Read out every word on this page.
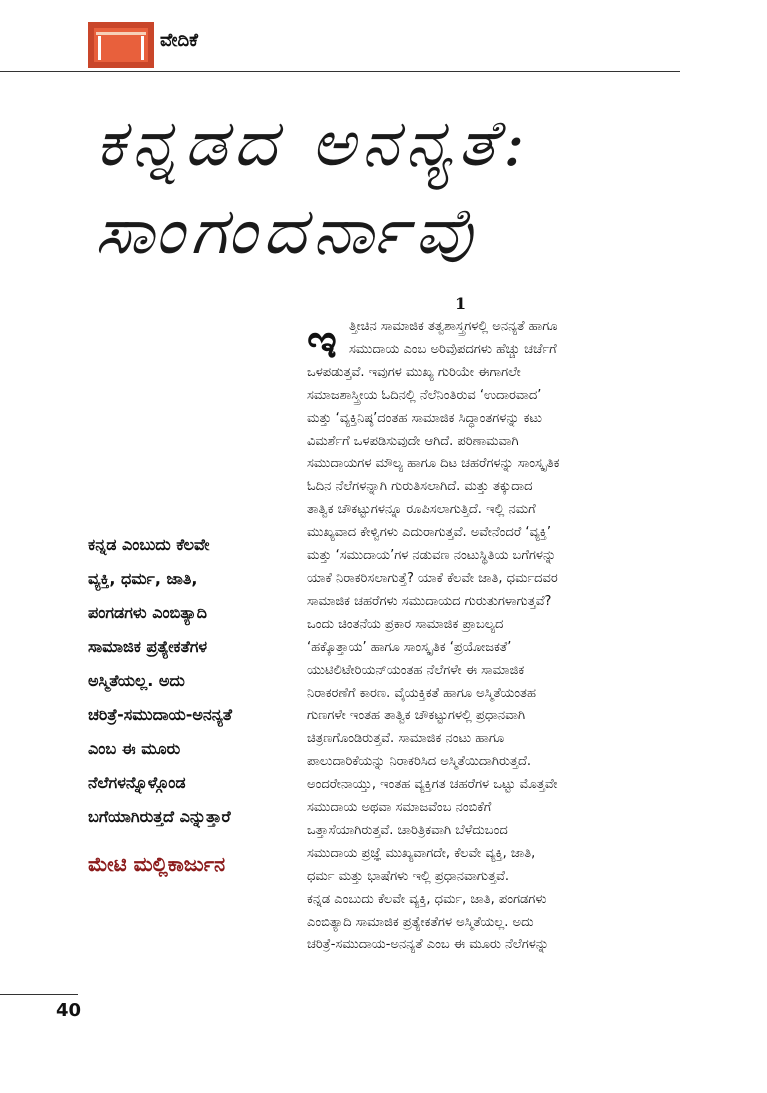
ವೇದಿಕೆ
ಕನ್ನಡದ ಅನನ್ಯತೆ:
ಸಾಂಗಂದರ್ನಾವೆು
1
ಕನ್ನಡ ಎಂಬುದು ಕೆಲವೇ
ವ್ಯಕ್ತಿ, ಧರ್ಮ, ಜಾತಿ,
ಪಂಗಡಗಳು ಎಂಬಿತ್ಯಾದಿ
ಸಾಮಾಜಿಕ ಪ್ರತ್ಯೇಕತೆಗಳ
ಅಸ್ಮಿತೆಯಲ್ಲ. ಅದು
ಚರಿತ್ರೆ-ಸಮುದಾಯ-ಅನನ್ಯತೆ
ಎಂಬ ಈ ಮೂರು
ನೆಲೆಗಳನ್ನೊಳ್ಗೊಂಡ
ಬಗೆಯಾಗಿರುತ್ತದೆ ಎನ್ನುತ್ತಾರೆ
ಮೇಟಿ ಮಲ್ಲಿಕಾರ್ಜುನ
ಇ ತ್ತೀಚಿನ ಸಾಮಾಜಿಕ ತತ್ವಶಾಸ್ತ್ರಗಳಲ್ಲಿ ಅನನ್ಯತೆ ಹಾಗೂ
ಸಮುದಾಯ ಎಂಬ ಅರಿವೆುಪದಗಳು ಹೆಚ್ಚು ಚರ್ಚೆಗೆ
ಒಳಪಡುತ್ತವೆ. ಇವುಗಳ ಮುಖ್ಯ ಗುರಿಯೇ ಈಗಾಗಲೇ
ಸಮಾಜಶಾಸ್ತ್ರೀಯ ಓದಿನಲ್ಲಿ ನೆಲೆನಿಂತಿರುವ ‘ಉದಾರವಾದ’
ಮತ್ತು ‘ವ್ಯಕ್ತಿನಿಷ್ಠ’ದಂತಹ ಸಾಮಾಜಿಕ ಸಿದ್ಧಾಂತಗಳನ್ನು ಕಟು
ವಿಮರ್ಶೆಗೆ ಒಳಪಡಿಸುವುದೇ ಆಗಿದೆ. ಪರಿಣಾಮವಾಗಿ
ಸಮುದಾಯಗಳ ಮೌಲ್ಯ ಹಾಗೂ ದಿಟ ಚಹರೆಗಳನ್ನು ಸಾಂಸ್ಕೃತಿಕ
ಓದಿನ ನೆಲೆಗಳನ್ನಾಗಿ ಗುರುತಿಸಲಾಗಿದೆ. ಮತ್ತು ತಕ್ಕುದಾದ
ತಾತ್ವಿಕ ಚೌಕಟ್ಟುಗಳನ್ನೂ ರೂಪಿಸಲಾಗುತ್ತಿದೆ. ಇಲ್ಲಿ ನಮಗೆ
ಮುಖ್ಯವಾದ ಕೇಳ್ವಿಗಳು ಎದುರಾಗುತ್ತವೆ. ಅವೇನೆಂದರೆ ‘ವ್ಯಕ್ತಿ’
ಮತ್ತು ‘ಸಮುದಾಯ’ಗಳ ನಡುವಣ ನಂಟುಸ್ಥಿತಿಯ ಬಗೆಗಳನ್ನು
ಯಾಕೆ ನಿರಾಕರಿಸಲಾಗುತ್ತೆ? ಯಾಕೆ ಕೆಲವೇ ಜಾತಿ, ಧರ್ಮದವರ
ಸಾಮಾಜಿಕ ಚಹರೆಗಳು ಸಮುದಾಯದ ಗುರುತುಗಳಾಗುತ್ತವೆ?
ಒಂದು ಚಿಂತನೆಯ ಪ್ರಕಾರ ಸಾಮಾಜಿಕ ಪ್ರಾಬಲ್ಯದ
‘ಹಕ್ಕೊತ್ತಾಯ’ ಹಾಗೂ ಸಾಂಸ್ಕೃತಿಕ ‘ಪ್ರಯೋಜಕತೆ’
ಯುಟಿಲಿಟೇರಿಯನ್‌ಯಂತಹ ನೆಲೆಗಳೇ ಈ ಸಾಮಾಜಿಕ
ನಿರಾಕರಣೆಗೆ ಕಾರಣ. ವೈಯಕ್ತಿಕತೆ ಹಾಗೂ ಅಸ್ಮಿತೆಯಂತಹ
ಗುಣಗಳೇ ಇಂತಹ ತಾತ್ವಿಕ ಚೌಕಟ್ಟುಗಳಲ್ಲಿ ಪ್ರಧಾನವಾಗಿ
ಚಿತ್ರಣಗೊಂಡಿರುತ್ತವೆ. ಸಾಮಾಜಿಕ ನಂಟು ಹಾಗೂ
ಪಾಲುದಾರಿಕೆಯನ್ನು ನಿರಾಕರಿಸಿದ ಅಸ್ಮಿತೆಯಿದಾಗಿರುತ್ತದೆ.
ಅಂದರೇನಾಯ್ತು, ಇಂತಹ ವ್ಯಕ್ತಿಗತ ಚಹರೆಗಳ ಒಟ್ಟು ಮೊತ್ತವೇ
ಸಮುದಾಯ ಅಥವಾ ಸಮಾಜವೆಂಬ ನಂಬಿಕೆಗೆ
ಒತ್ತಾಸೆಯಾಗಿರುತ್ತವೆ. ಚಾರಿತ್ರಿಕವಾಗಿ ಬೆಳೆದುಬಂದ
ಸಮುದಾಯ ಪ್ರಜ್ಞೆ ಮುಖ್ಯವಾಗದೇ, ಕೆಲವೇ ವ್ಯಕ್ತಿ, ಜಾತಿ,
ಧರ್ಮ ಮತ್ತು ಭಾಷೆಗಳು ಇಲ್ಲಿ ಪ್ರಧಾನವಾಗುತ್ತವೆ.
ಕನ್ನಡ ಎಂಬುದು ಕೆಲವೇ ವ್ಯಕ್ತಿ, ಧರ್ಮ, ಜಾತಿ, ಪಂಗಡಗಳು
ಎಂಬಿತ್ಯಾದಿ ಸಾಮಾಜಿಕ ಪ್ರತ್ಯೇಕತೆಗಳ ಅಸ್ಮಿತೆಯಲ್ಲ. ಅದು
ಚರಿತ್ರೆ-ಸಮುದಾಯ-ಅನನ್ಯತೆ ಎಂಬ ಈ ಮೂರು ನೆಲೆಗಳನ್ನು
40
